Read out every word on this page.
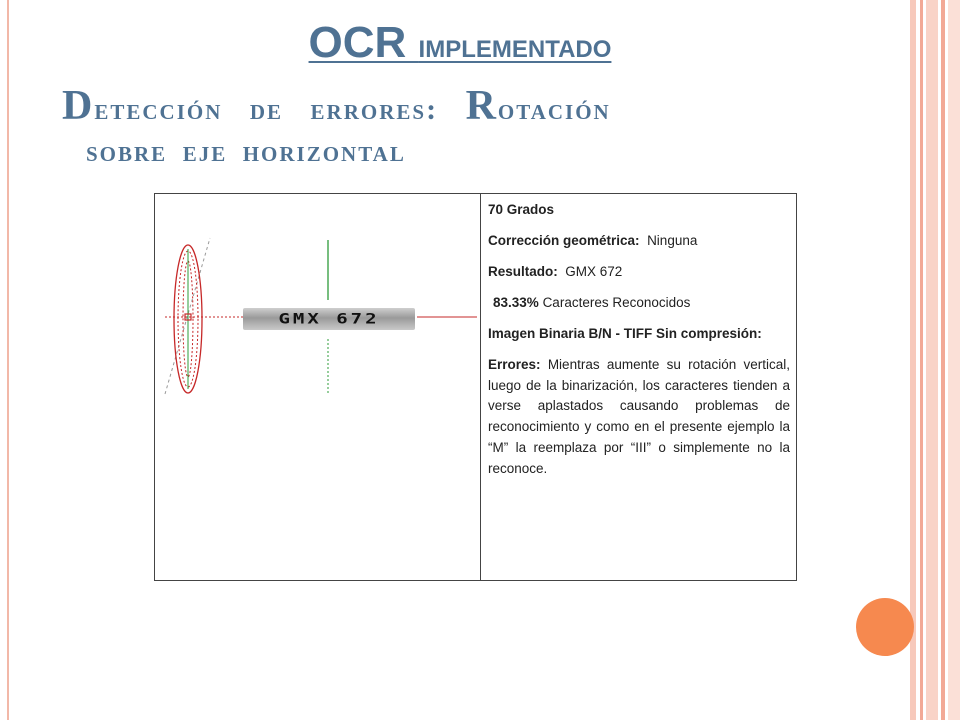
OCR implementado
Detección de errores: Rotación
sobre eje horizontal
GMX 672

70 Grados

Corrección geométrica: Ninguna

Resultado: GMX 672

83.33% Caracteres Reconocidos

Imagen Binaria B/N - TIFF Sin compresión:

Errores: Mientras aumente su rotación vertical, luego de la binarización, los caracteres tienden a verse aplastados causando problemas de reconocimiento y como en el presente ejemplo la “M” la reemplaza por “III” o simplemente no la reconoce.
